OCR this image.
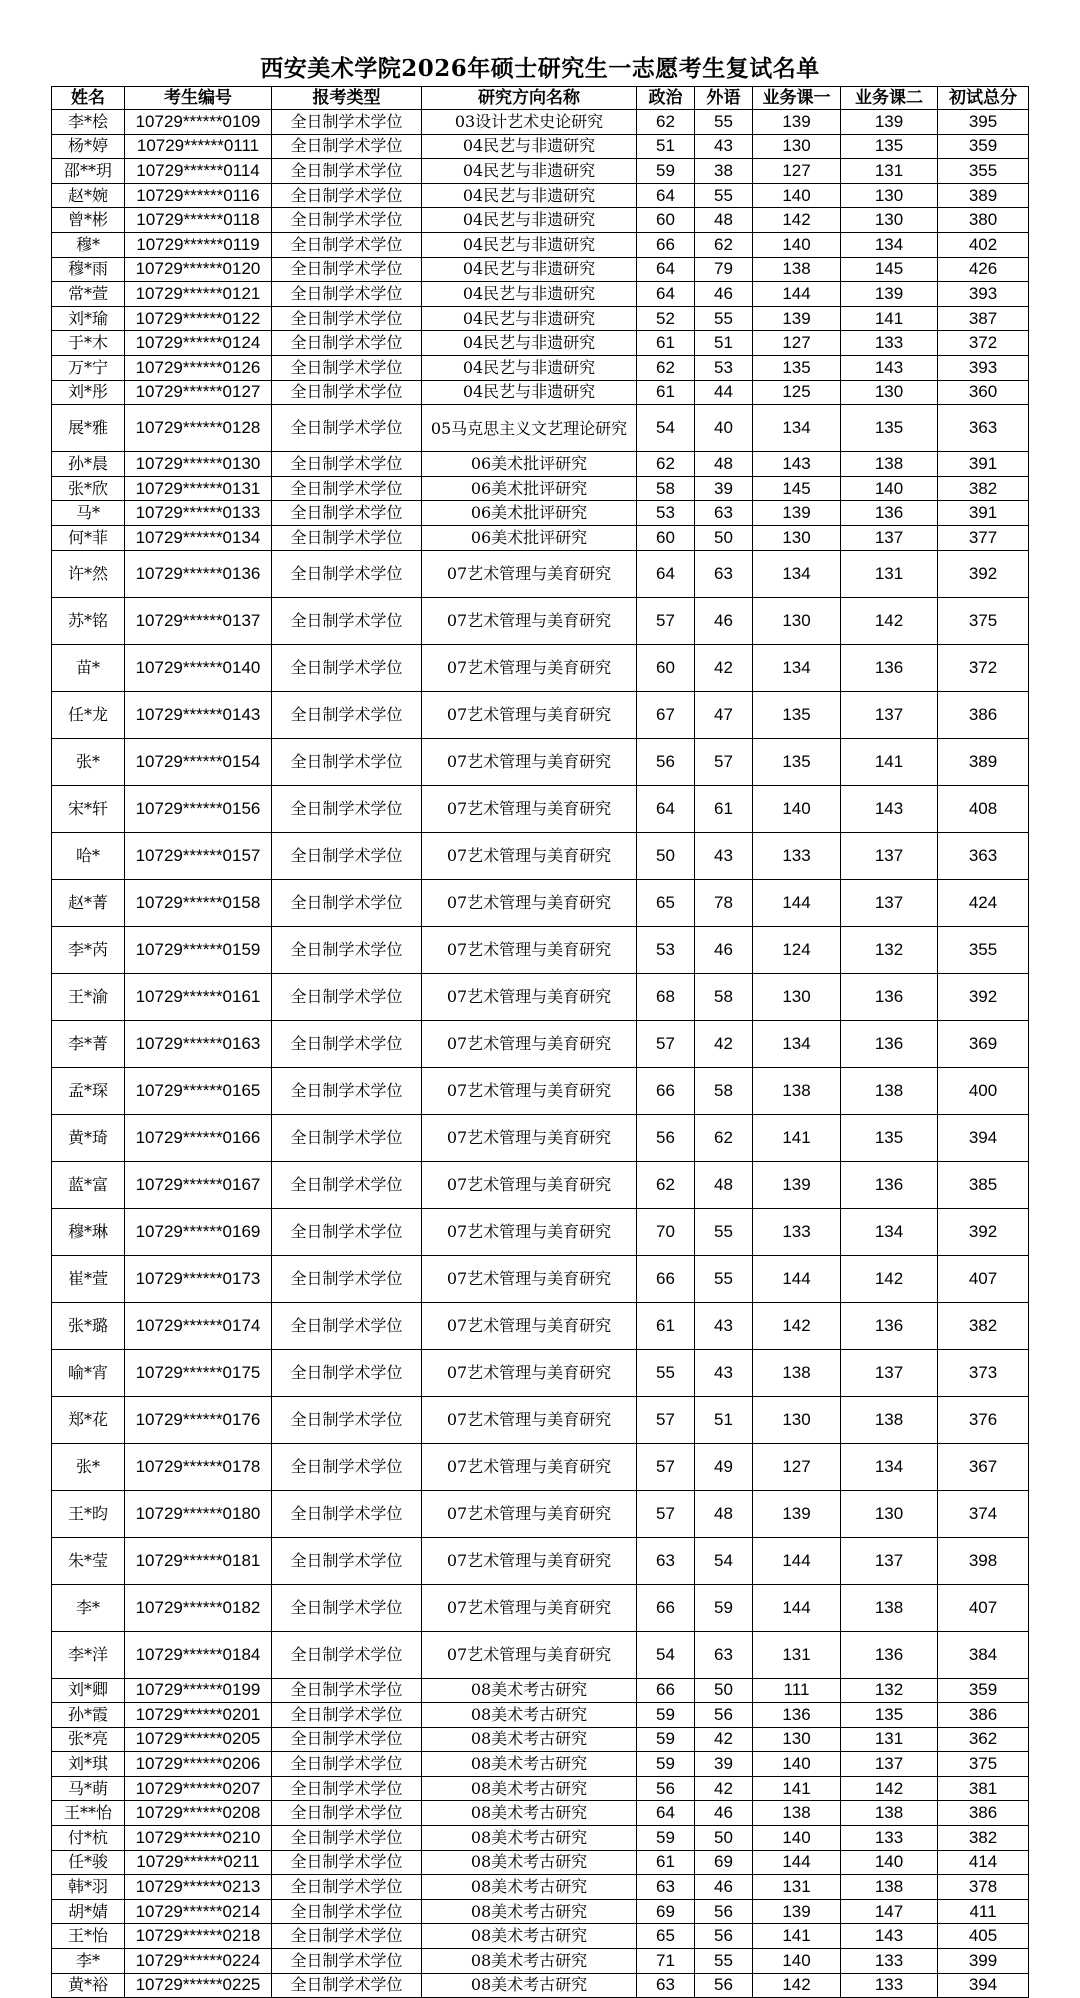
西安美术学院2026年硕士研究生一志愿考生复试名单
姓名	考生编号	报考类型	研究方向名称	政治	外语	业务课一	业务课二	初试总分
李*桧	10729******0109	全日制学术学位	03设计艺术史论研究	62	55	139	139	395
杨*婷	10729******0111	全日制学术学位	04民艺与非遗研究	51	43	130	135	359
邵**玥	10729******0114	全日制学术学位	04民艺与非遗研究	59	38	127	131	355
赵*婉	10729******0116	全日制学术学位	04民艺与非遗研究	64	55	140	130	389
曾*彬	10729******0118	全日制学术学位	04民艺与非遗研究	60	48	142	130	380
穆*	10729******0119	全日制学术学位	04民艺与非遗研究	66	62	140	134	402
穆*雨	10729******0120	全日制学术学位	04民艺与非遗研究	64	79	138	145	426
常*萱	10729******0121	全日制学术学位	04民艺与非遗研究	64	46	144	139	393
刘*瑜	10729******0122	全日制学术学位	04民艺与非遗研究	52	55	139	141	387
于*木	10729******0124	全日制学术学位	04民艺与非遗研究	61	51	127	133	372
万*宁	10729******0126	全日制学术学位	04民艺与非遗研究	62	53	135	143	393
刘*彤	10729******0127	全日制学术学位	04民艺与非遗研究	61	44	125	130	360
展*雅	10729******0128	全日制学术学位	05马克思主义文艺理论研究	54	40	134	135	363
孙*晨	10729******0130	全日制学术学位	06美术批评研究	62	48	143	138	391
张*欣	10729******0131	全日制学术学位	06美术批评研究	58	39	145	140	382
马*	10729******0133	全日制学术学位	06美术批评研究	53	63	139	136	391
何*菲	10729******0134	全日制学术学位	06美术批评研究	60	50	130	137	377
许*然	10729******0136	全日制学术学位	07艺术管理与美育研究	64	63	134	131	392
苏*铭	10729******0137	全日制学术学位	07艺术管理与美育研究	57	46	130	142	375
苗*	10729******0140	全日制学术学位	07艺术管理与美育研究	60	42	134	136	372
任*龙	10729******0143	全日制学术学位	07艺术管理与美育研究	67	47	135	137	386
张*	10729******0154	全日制学术学位	07艺术管理与美育研究	56	57	135	141	389
宋*轩	10729******0156	全日制学术学位	07艺术管理与美育研究	64	61	140	143	408
哈*	10729******0157	全日制学术学位	07艺术管理与美育研究	50	43	133	137	363
赵*菁	10729******0158	全日制学术学位	07艺术管理与美育研究	65	78	144	137	424
李*芮	10729******0159	全日制学术学位	07艺术管理与美育研究	53	46	124	132	355
王*渝	10729******0161	全日制学术学位	07艺术管理与美育研究	68	58	130	136	392
李*菁	10729******0163	全日制学术学位	07艺术管理与美育研究	57	42	134	136	369
孟*琛	10729******0165	全日制学术学位	07艺术管理与美育研究	66	58	138	138	400
黄*琦	10729******0166	全日制学术学位	07艺术管理与美育研究	56	62	141	135	394
蓝*富	10729******0167	全日制学术学位	07艺术管理与美育研究	62	48	139	136	385
穆*琳	10729******0169	全日制学术学位	07艺术管理与美育研究	70	55	133	134	392
崔*萱	10729******0173	全日制学术学位	07艺术管理与美育研究	66	55	144	142	407
张*璐	10729******0174	全日制学术学位	07艺术管理与美育研究	61	43	142	136	382
喻*宵	10729******0175	全日制学术学位	07艺术管理与美育研究	55	43	138	137	373
郑*花	10729******0176	全日制学术学位	07艺术管理与美育研究	57	51	130	138	376
张*	10729******0178	全日制学术学位	07艺术管理与美育研究	57	49	127	134	367
王*昀	10729******0180	全日制学术学位	07艺术管理与美育研究	57	48	139	130	374
朱*莹	10729******0181	全日制学术学位	07艺术管理与美育研究	63	54	144	137	398
李*	10729******0182	全日制学术学位	07艺术管理与美育研究	66	59	144	138	407
李*洋	10729******0184	全日制学术学位	07艺术管理与美育研究	54	63	131	136	384
刘*卿	10729******0199	全日制学术学位	08美术考古研究	66	50	111	132	359
孙*霞	10729******0201	全日制学术学位	08美术考古研究	59	56	136	135	386
张*亮	10729******0205	全日制学术学位	08美术考古研究	59	42	130	131	362
刘*琪	10729******0206	全日制学术学位	08美术考古研究	59	39	140	137	375
马*萌	10729******0207	全日制学术学位	08美术考古研究	56	42	141	142	381
王**怡	10729******0208	全日制学术学位	08美术考古研究	64	46	138	138	386
付*杭	10729******0210	全日制学术学位	08美术考古研究	59	50	140	133	382
任*骏	10729******0211	全日制学术学位	08美术考古研究	61	69	144	140	414
韩*羽	10729******0213	全日制学术学位	08美术考古研究	63	46	131	138	378
胡*婧	10729******0214	全日制学术学位	08美术考古研究	69	56	139	147	411
王*怡	10729******0218	全日制学术学位	08美术考古研究	65	56	141	143	405
李*	10729******0224	全日制学术学位	08美术考古研究	71	55	140	133	399
黄*裕	10729******0225	全日制学术学位	08美术考古研究	63	56	142	133	394
